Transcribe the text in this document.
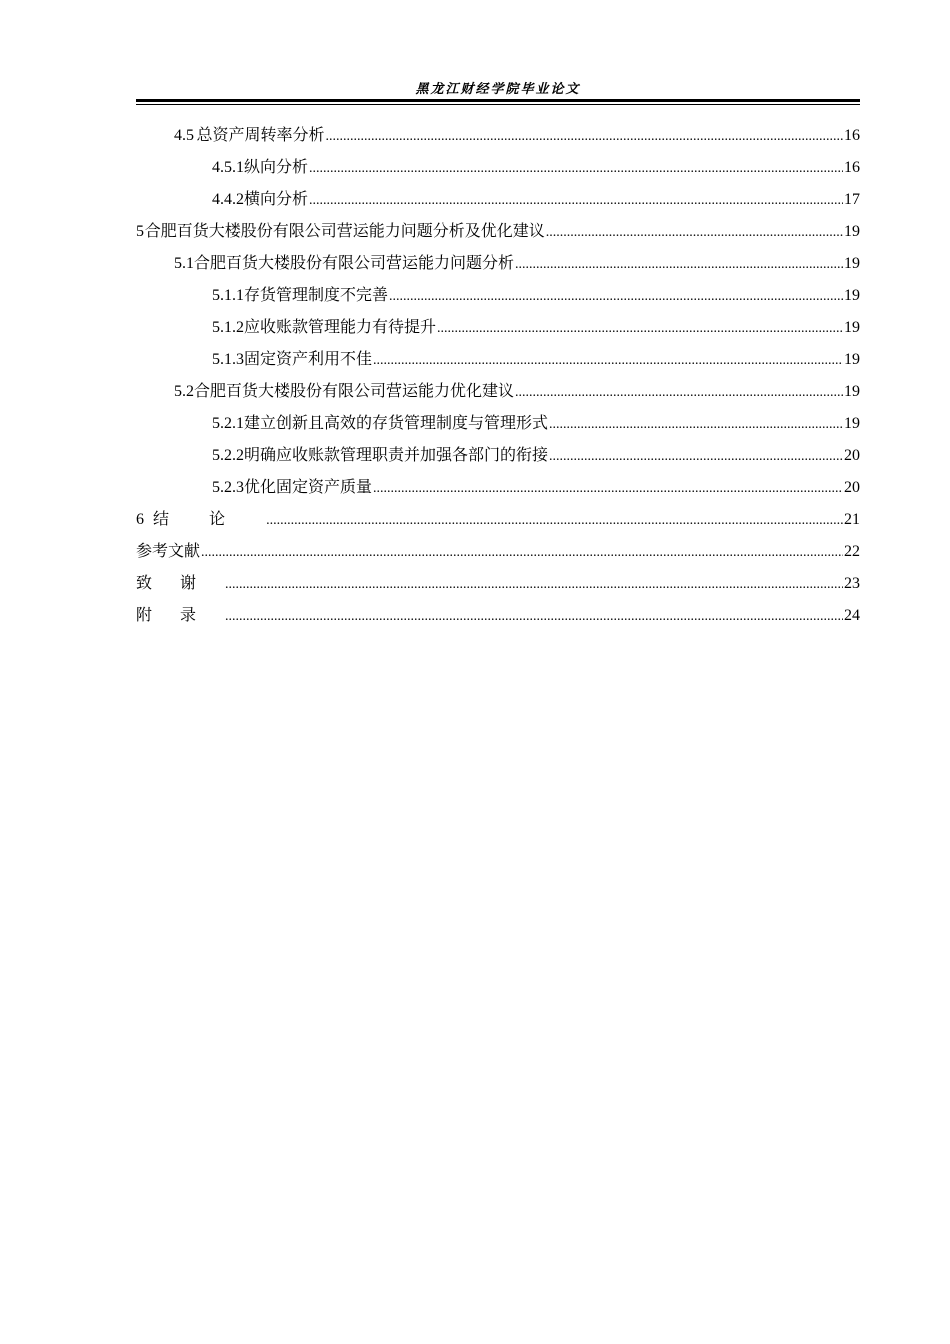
黑龙江财经学院毕业论文
4.5 总资产周转率分析 .....	16
4.5.1 纵向分析 .....	16
4.4.2 横向分析 .....	17
5 合肥百货大楼股份有限公司营运能力问题分析及优化建议 .....	19
5.1 合肥百货大楼股份有限公司营运能力问题分析 .....	19
5.1.1 存货管理制度不完善 .....	19
5.1.2 应收账款管理能力有待提升 .....	19
5.1.3 固定资产利用不佳 .....	19
5.2 合肥百货大楼股份有限公司营运能力优化建议 .....	19
5.2.1 建立创新且高效的存货管理制度与管理形式 .....	19
5.2.2 明确应收账款管理职责并加强各部门的衔接 .....	20
5.2.3 优化固定资产质量 .....	20
6 结论 .....	21
参考文献 .....	22
致谢 .....	23
附录 .....	24
